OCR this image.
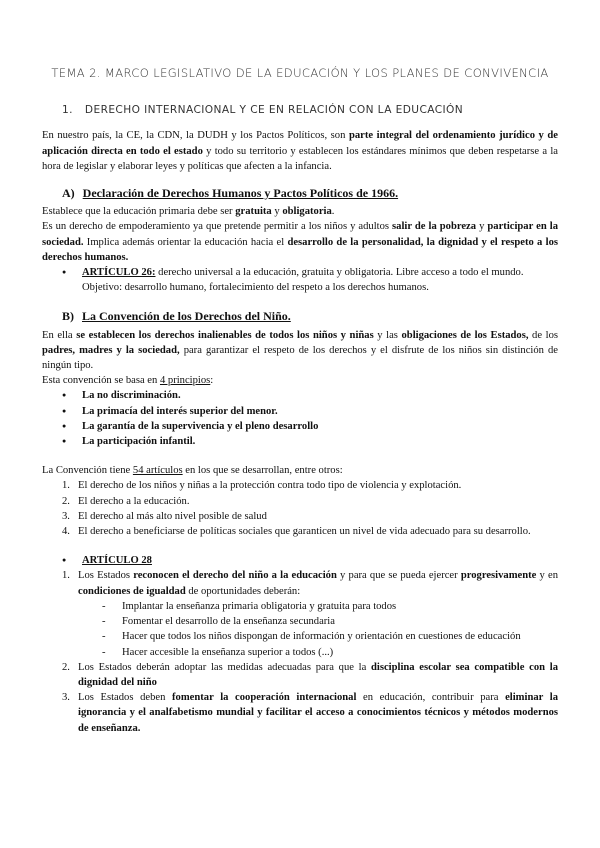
TEMA 2. MARCO LEGISLATIVO DE LA EDUCACIÓN Y LOS PLANES DE CONVIVENCIA
1. DERECHO INTERNACIONAL Y CE EN RELACIÓN CON LA EDUCACIÓN

En nuestro país, la CE, la CDN, la DUDH y los Pactos Políticos, son parte integral del ordenamiento jurídico y de aplicación directa en todo el estado y todo su territorio y establecen los estándares mínimos que deben respetarse a la hora de legislar y elaborar leyes y políticas que afecten a la infancia.

A) Declaración de Derechos Humanos y Pactos Políticos de 1966.

Establece que la educación primaria debe ser gratuita y obligatoria.

Es un derecho de empoderamiento ya que pretende permitir a los niños y adultos salir de la pobreza y participar en la sociedad. Implica además orientar la educación hacia el desarrollo de la personalidad, la dignidad y el respeto a los derechos humanos.

● ARTÍCULO 26: derecho universal a la educación, gratuita y obligatoria. Libre acceso a todo el mundo. Objetivo: desarrollo humano, fortalecimiento del respeto a los derechos humanos.
B) La Convención de los Derechos del Niño.

En ella se establecen los derechos inalienables de todos los niños y niñas y las obligaciones de los Estados, de los padres, madres y la sociedad, para garantizar el respeto de los derechos y el disfrute de los niños sin distinción de ningún tipo.

Esta convención se basa en 4 principios:

● La no discriminación.
● La primacía del interés superior del menor.
● La garantía de la supervivencia y el pleno desarrollo
● La participación infantil.

La Convención tiene 54 artículos en los que se desarrollan, entre otros:

1. El derecho de los niños y niñas a la protección contra todo tipo de violencia y explotación.
2. El derecho a la educación.
3. El derecho al más alto nivel posible de salud
4. El derecho a beneficiarse de políticas sociales que garanticen un nivel de vida adecuado para su desarrollo.
● ARTÍCULO 28
1. Los Estados reconocen el derecho del niño a la educación y para que se pueda ejercer progresivamente y en condiciones de igualdad de oportunidades deberán:
- Implantar la enseñanza primaria obligatoria y gratuita para todos
- Fomentar el desarrollo de la enseñanza secundaria
- Hacer que todos los niños dispongan de información y orientación en cuestiones de educación
- Hacer accesible la enseñanza superior a todos (...)
2. Los Estados deberán adoptar las medidas adecuadas para que la disciplina escolar sea compatible con la dignidad del niño
3. Los Estados deben fomentar la cooperación internacional en educación, contribuir para eliminar la ignorancia y el analfabetismo mundial y facilitar el acceso a conocimientos técnicos y métodos modernos de enseñanza.
